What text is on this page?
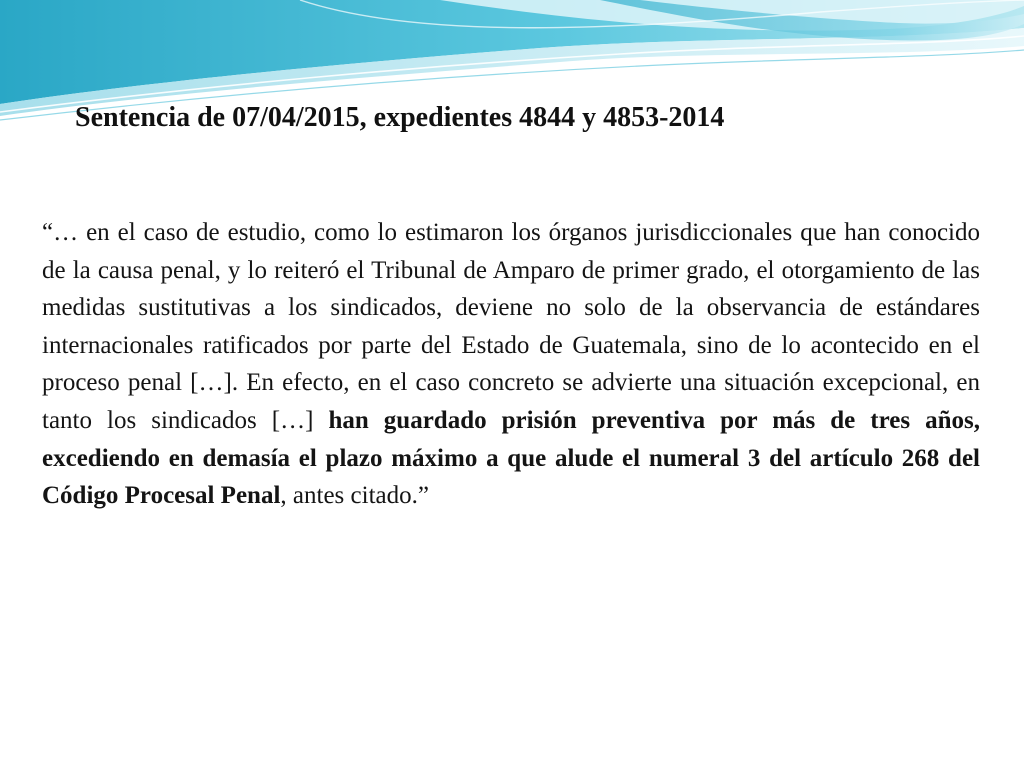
Sentencia de 07/04/2015, expedientes 4844 y 4853-2014

“… en el caso de estudio, como lo estimaron los órganos jurisdiccionales que han conocido de la causa penal, y lo reiteró el Tribunal de Amparo de primer grado, el otorgamiento de las medidas sustitutivas a los sindicados, deviene no solo de la observancia de estándares internacionales ratificados por parte del Estado de Guatemala, sino de lo acontecido en el proceso penal […]. En efecto, en el caso concreto se advierte una situación excepcional, en tanto los sindicados […] han guardado prisión preventiva por más de tres años, excediendo en demasía el plazo máximo a que alude el numeral 3 del artículo 268 del Código Procesal Penal, antes citado.”
